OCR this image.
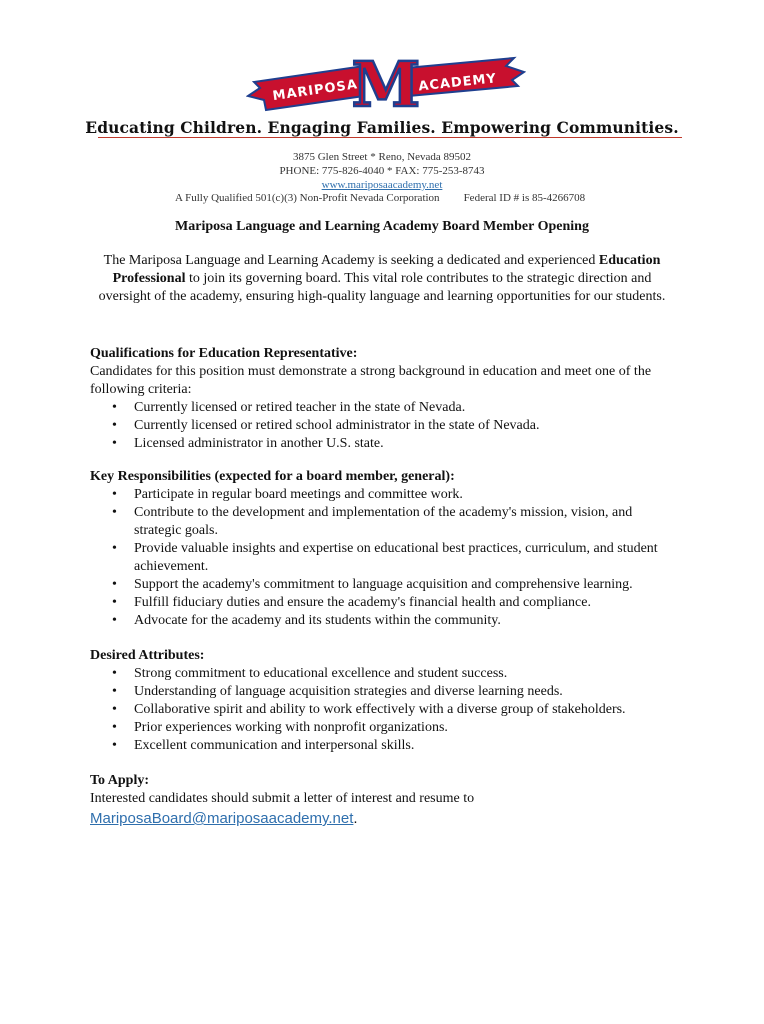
MARIPOSA	ACADEMY
M
Educating Children. Engaging Families. Empowering Communities.
3875 Glen Street * Reno, Nevada 89502
PHONE: 775-826-4040 * FAX: 775-253-8743
www.mariposaacademy.net
A Fully Qualified 501(c)(3) Non-Profit Nevada Corporation Federal ID # is 85-4266708
Mariposa Language and Learning Academy Board Member Opening
The Mariposa Language and Learning Academy is seeking a dedicated and experienced Education Professional to join its governing board. This vital role contributes to the strategic direction and oversight of the academy, ensuring high-quality language and learning opportunities for our students.
Qualifications for Education Representative:

Candidates for this position must demonstrate a strong background in education and meet one of the following criteria:

• Currently licensed or retired teacher in the state of Nevada.
• Currently licensed or retired school administrator in the state of Nevada.
• Licensed administrator in another U.S. state.
Key Responsibilities (expected for a board member, general):
• Participate in regular board meetings and committee work.
• Contribute to the development and implementation of the academy's mission, vision, and strategic goals.
• Provide valuable insights and expertise on educational best practices, curriculum, and student achievement.
• Support the academy's commitment to language acquisition and comprehensive learning.
• Fulfill fiduciary duties and ensure the academy's financial health and compliance.
• Advocate for the academy and its students within the community.
Desired Attributes:
• Strong commitment to educational excellence and student success.
• Understanding of language acquisition strategies and diverse learning needs.
• Collaborative spirit and ability to work effectively with a diverse group of stakeholders.
• Prior experiences working with nonprofit organizations.
• Excellent communication and interpersonal skills.
To Apply:

Interested candidates should submit a letter of interest and resume to

MariposaBoard@mariposaacademy.net.
